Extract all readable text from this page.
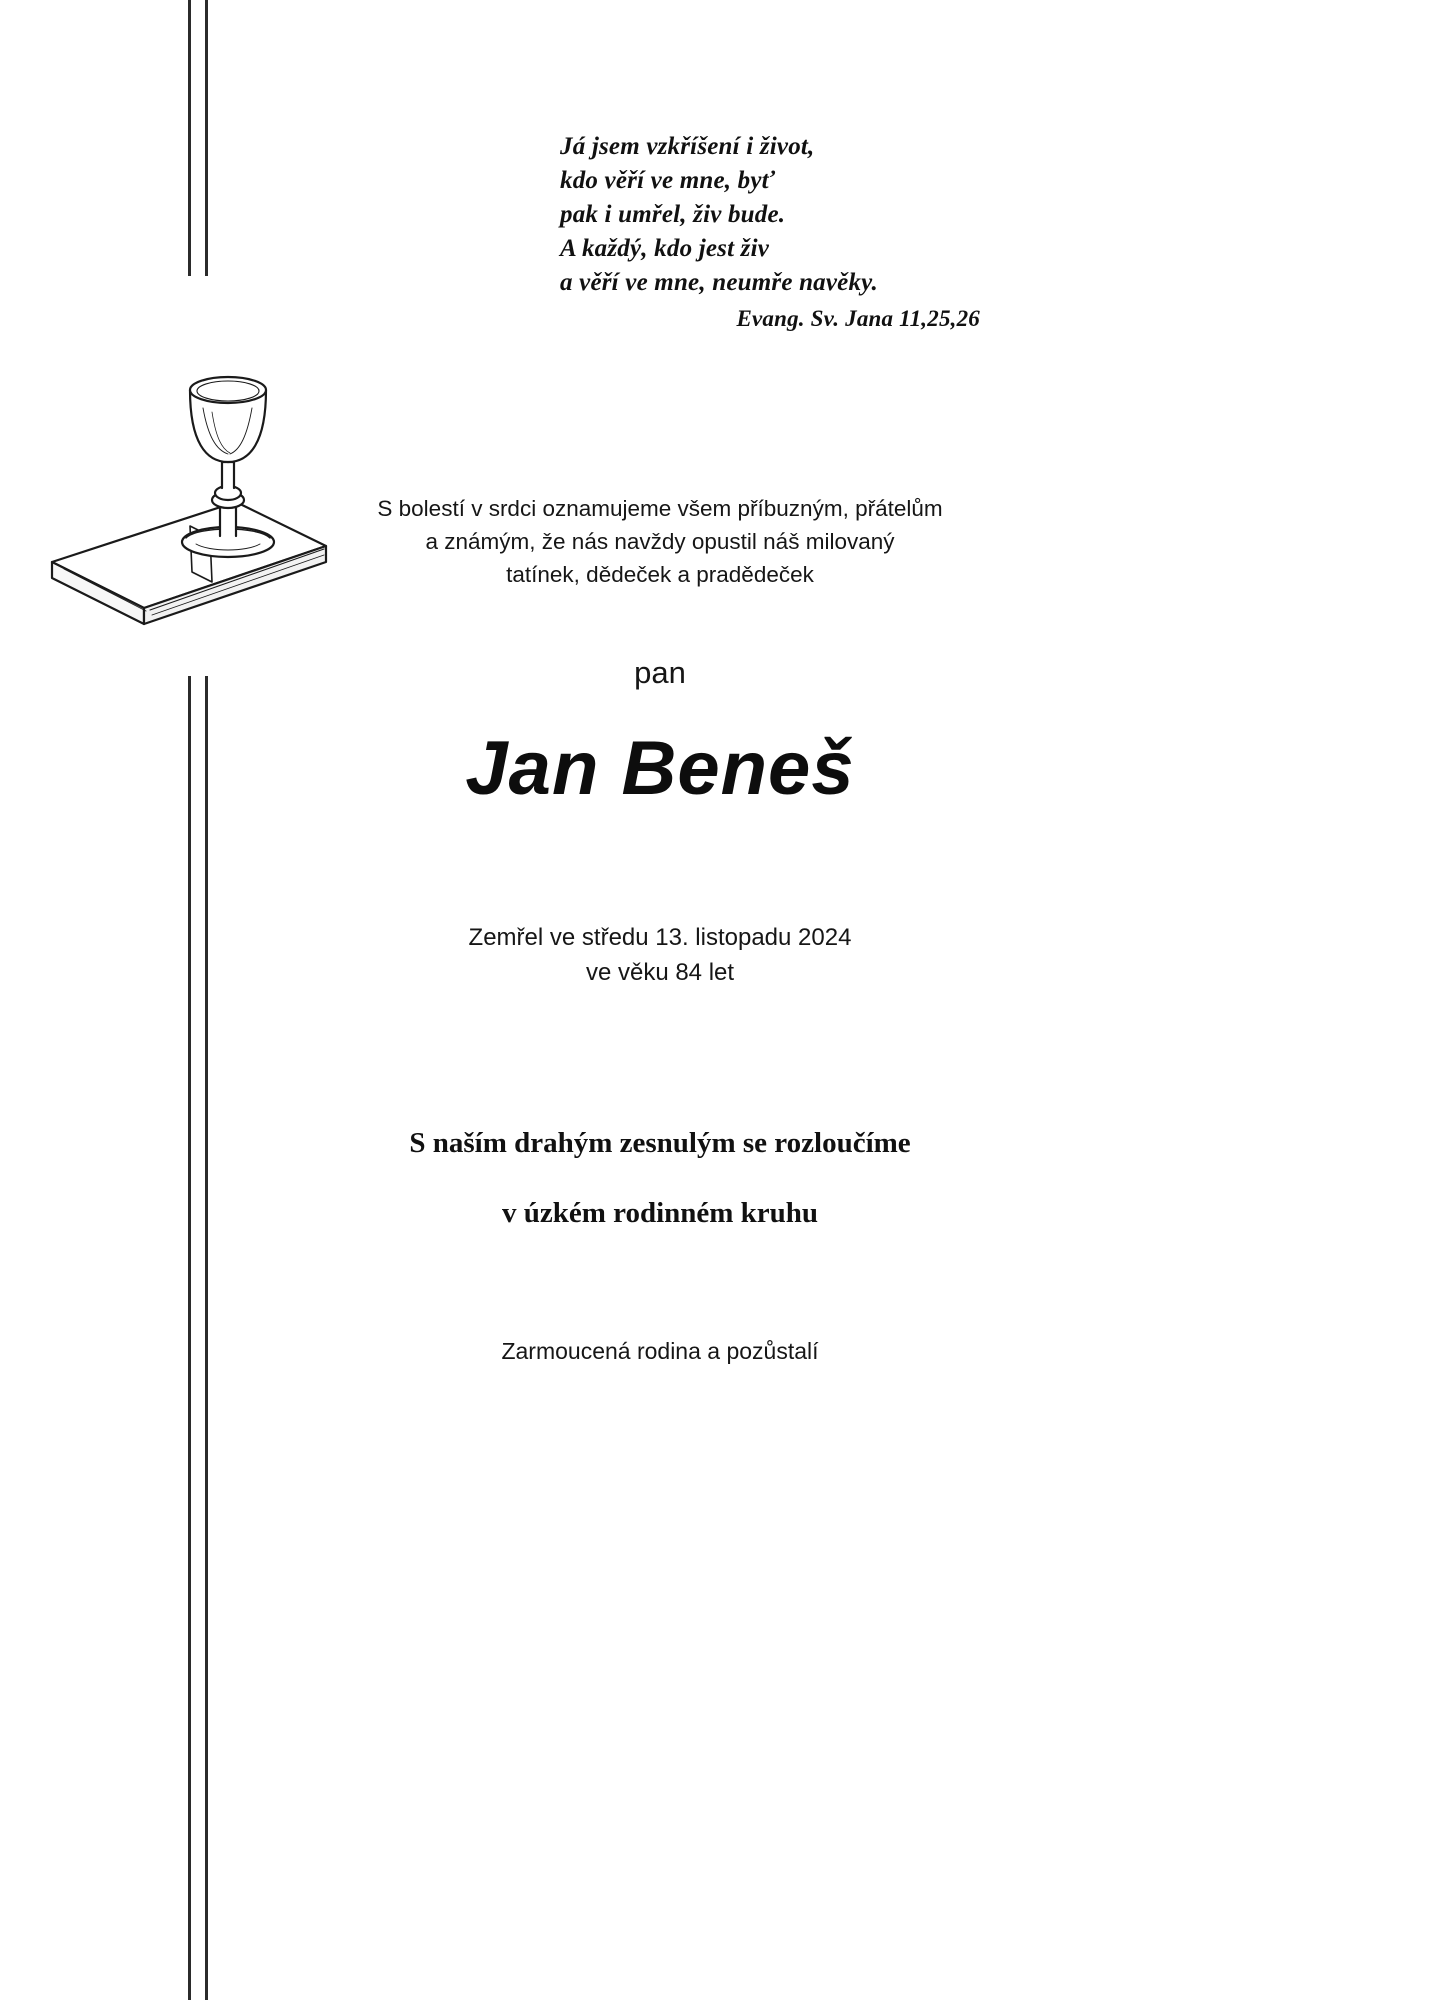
Já jsem vzkříšení i život,
kdo věří ve mne, byť
pak i umřel, živ bude.
A každý, kdo jest živ
a věří ve mne, neumře navěky.
Evang. Sv. Jana 11,25,26
S bolestí v srdci oznamujeme všem příbuzným, přátelům
a známým, že nás navždy opustil náš milovaný
tatínek, dědeček a pradědeček
pan
Jan Beneš
Zemřel ve středu 13. listopadu 2024
ve věku 84 let
S naším drahým zesnulým se rozloučíme
v úzkém rodinném kruhu
Zarmoucená rodina a pozůstalí
